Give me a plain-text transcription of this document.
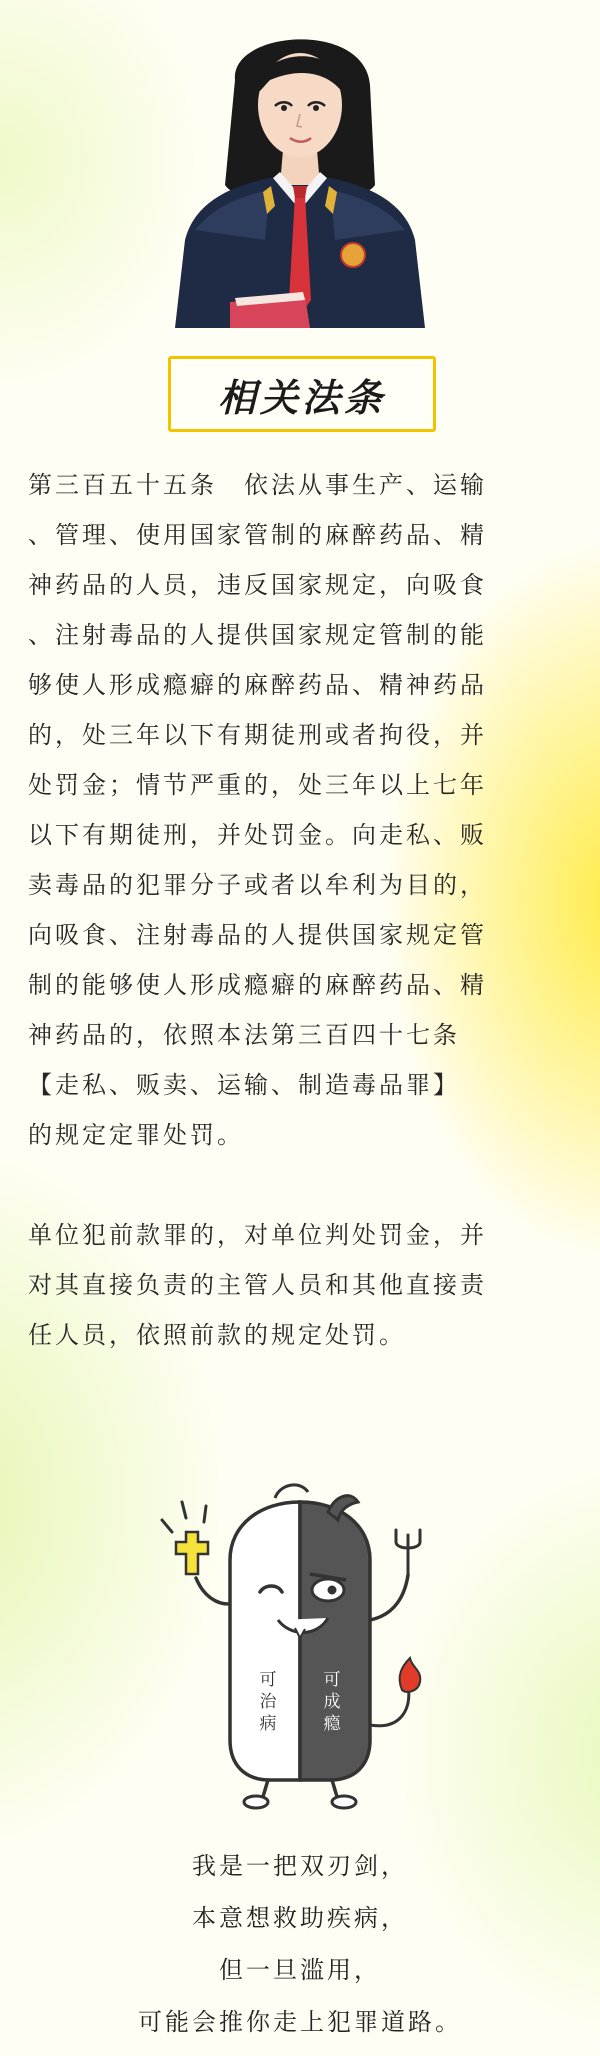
相关法条
第三百五十五条　依法从事生产、运输
、管理、使用国家管制的麻醉药品、精
神药品的人员，违反国家规定，向吸食
、注射毒品的人提供国家规定管制的能
够使人形成瘾癖的麻醉药品、精神药品
的，处三年以下有期徒刑或者拘役，并
处罚金；情节严重的，处三年以上七年
以下有期徒刑，并处罚金。向走私、贩
卖毒品的犯罪分子或者以牟利为目的，
向吸食、注射毒品的人提供国家规定管
制的能够使人形成瘾癖的麻醉药品、精
神药品的，依照本法第三百四十七条
【走私、贩卖、运输、制造毒品罪】
的规定定罪处罚。
单位犯前款罪的，对单位判处罚金，并
对其直接负责的主管人员和其他直接责
任人员，依照前款的规定处罚。
可
治
病
可
成
瘾
我是一把双刃剑，
本意想救助疾病，
但一旦滥用，
可能会推你走上犯罪道路。
